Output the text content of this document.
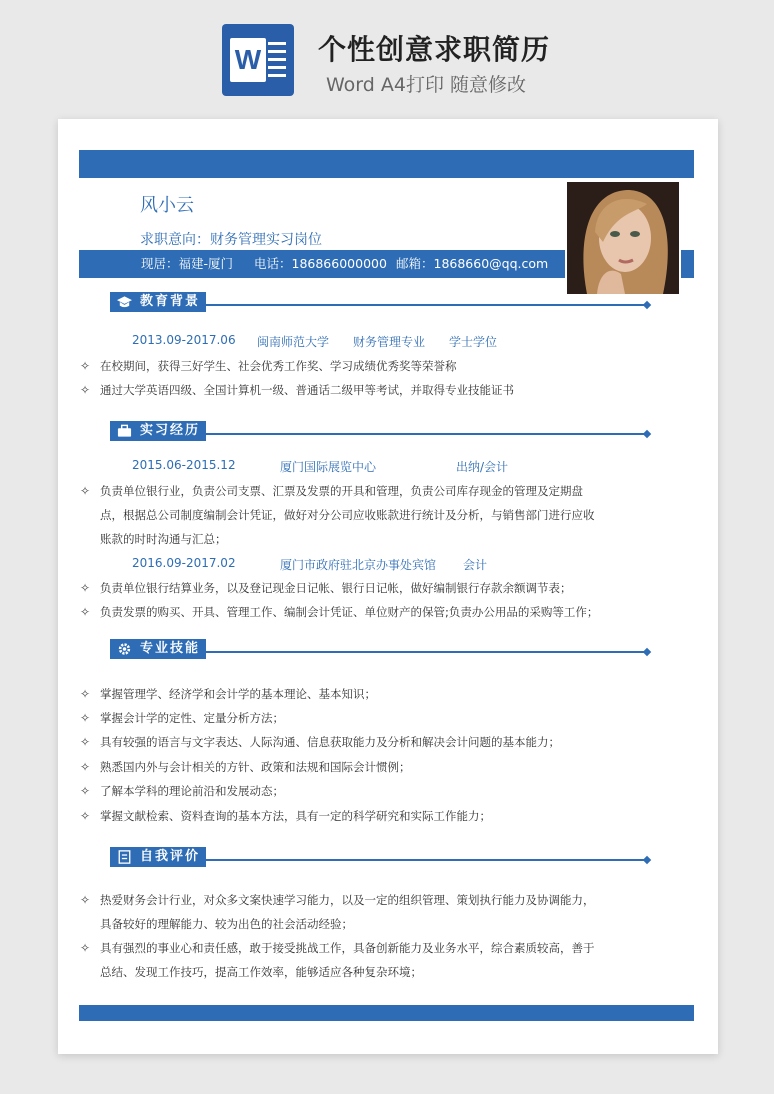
W 个性创意求职简历
Word A4打印 随意修改
风小云
求职意向：财务管理实习岗位
现居：福建-厦门 电话：186866000000 邮箱：1868660@qq.com
教育背景
2013.09-2017.06 闽南师范大学 财务管理专业 学士学位
✧ 在校期间，获得三好学生、社会优秀工作奖、学习成绩优秀奖等荣誉称
✧ 通过大学英语四级、全国计算机一级、普通话二级甲等考试，并取得专业技能证书
实习经历
2015.06-2015.12	厦门国际展览中心	出纳/会计
✧ 负责单位银行业，负责公司支票、汇票及发票的开具和管理，负责公司库存现金的管理及定期盘点，根据总公司制度编制会计凭证，做好对分公司应收账款进行统计及分析，与销售部门进行应收账款的时时沟通与汇总；
2016.09-2017.02	厦门市政府驻北京办事处宾馆 会计
✧ 负责单位银行结算业务，以及登记现金日记帐、银行日记帐，做好编制银行存款余额调节表；
✧ 负责发票的购买、开具、管理工作、编制会计凭证、单位财产的保管;负责办公用品的采购等工作；
专业技能
✧ 掌握管理学、经济学和会计学的基本理论、基本知识；
✧ 掌握会计学的定性、定量分析方法；
✧ 具有较强的语言与文字表达、人际沟通、信息获取能力及分析和解决会计问题的基本能力；
✧ 熟悉国内外与会计相关的方针、政策和法规和国际会计惯例；
✧ 了解本学科的理论前沿和发展动态；
✧ 掌握文献检索、资料查询的基本方法，具有一定的科学研究和实际工作能力；
自我评价
✧ 热爱财务会计行业，对众多文案快速学习能力，以及一定的组织管理、策划执行能力及协调能力，具备较好的理解能力、较为出色的社会活动经验；
✧ 具有强烈的事业心和责任感，敢于接受挑战工作，具备创新能力及业务水平，综合素质较高，善于总结、发现工作技巧，提高工作效率，能够适应各种复杂环境；
